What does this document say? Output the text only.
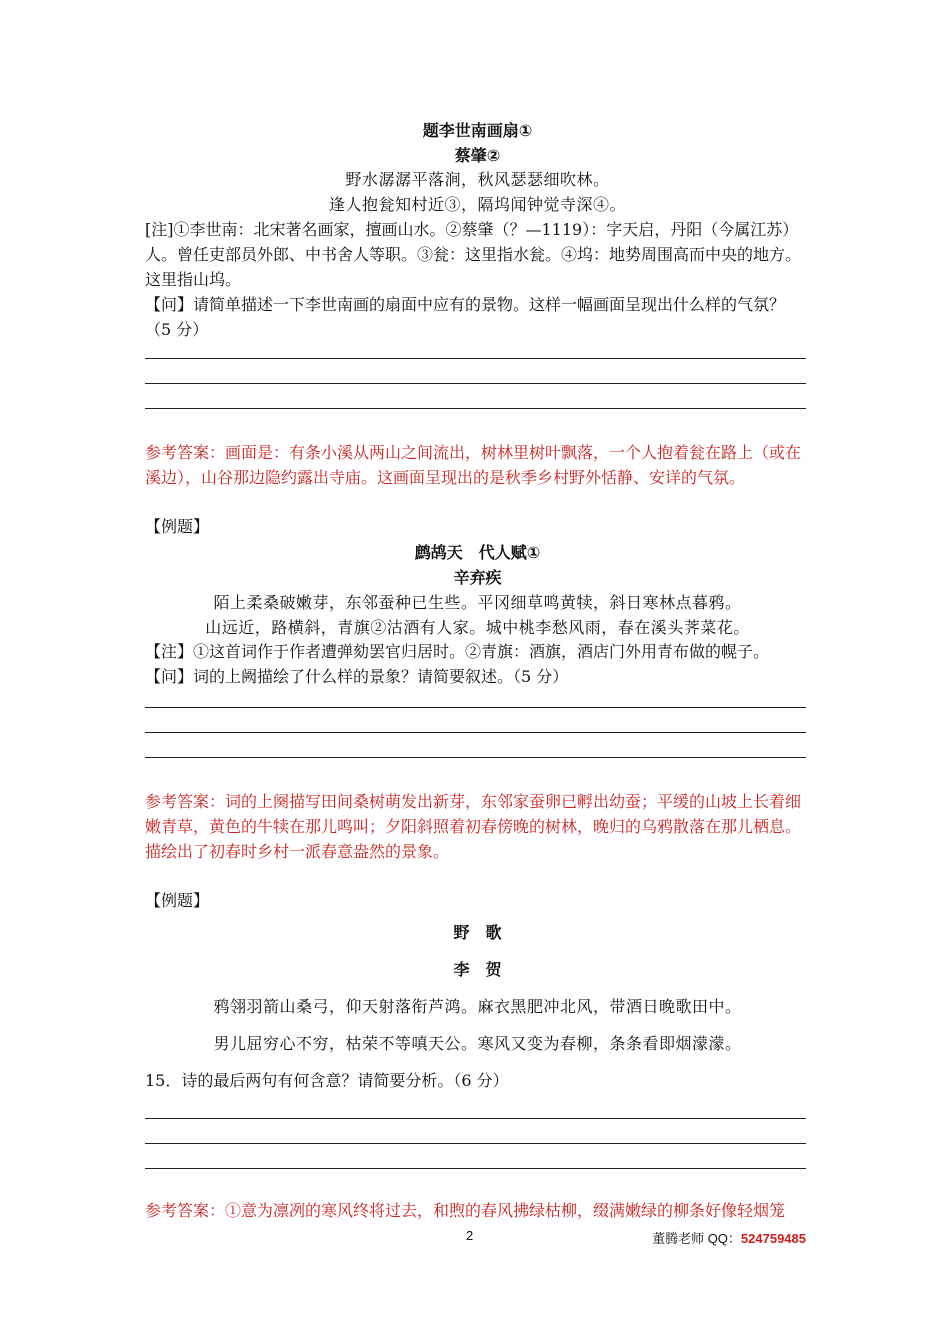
题李世南画扇①
蔡肇②
野水潺潺平落涧，秋风瑟瑟细吹林。
逢人抱瓮知村近③，隔坞闻钟觉寺深④。
[注]①李世南：北宋著名画家，擅画山水。②蔡肇（？—1119）：字天启，丹阳（今属江苏）人。曾任吏部员外郎、中书舍人等职。③瓮：这里指水瓮。④坞：地势周围高而中央的地方。这里指山坞。
【问】请简单描述一下李世南画的扇面中应有的景物。这样一幅画面呈现出什么样的气氛？（5 分）
参考答案：画面是：有条小溪从两山之间流出，树林里树叶飘落，一个人抱着瓮在路上（或在溪边），山谷那边隐约露出寺庙。这画面呈现出的是秋季乡村野外恬静、安详的气氛。
【例题】
鹧鸪天　代人赋①
辛弃疾
陌上柔桑破嫩芽，东邻蚕种已生些。平冈细草鸣黄犊，斜日寒林点暮鸦。
山远近，路横斜，青旗②沽酒有人家。城中桃李愁风雨，春在溪头荠菜花。
【注】①这首词作于作者遭弹劾罢官归居时。②青旗：酒旗，酒店门外用青布做的幌子。
【问】词的上阙描绘了什么样的景象？请简要叙述。（5 分）
参考答案：词的上阕描写田间桑树萌发出新芽，东邻家蚕卵已孵出幼蚕；平缓的山坡上长着细嫩青草，黄色的牛犊在那儿鸣叫；夕阳斜照着初春傍晚的树林，晚归的乌鸦散落在那儿栖息。描绘出了初春时乡村一派春意盎然的景象。
【例题】
野　歌
李　贺
鸦翎羽箭山桑弓，仰天射落衔芦鸿。麻衣黑肥冲北风，带酒日晚歌田中。
男儿屈穷心不穷，枯荣不等嗔天公。寒风又变为春柳，条条看即烟濛濛。
15．诗的最后两句有何含意？请简要分析。（6 分）
参考答案：①意为凛冽的寒风终将过去，和煦的春风拂绿枯柳，缀满嫩绿的柳条好像轻烟笼
2	董腾老师 QQ：524759485
